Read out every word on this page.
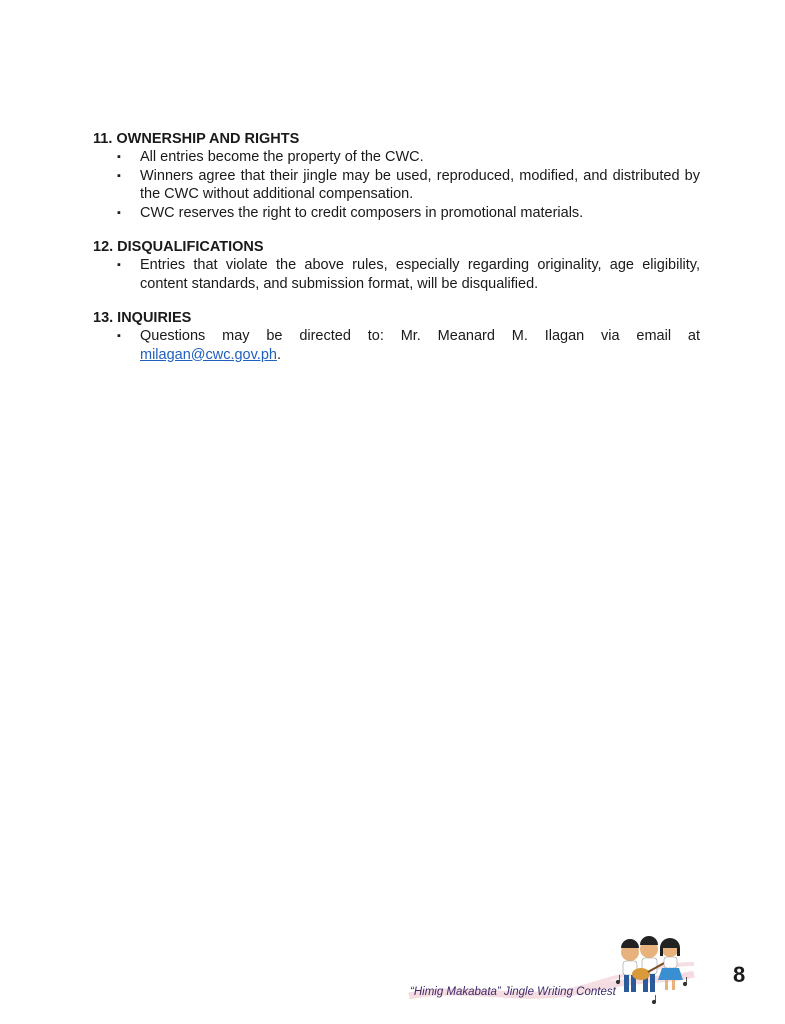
11. OWNERSHIP AND RIGHTS
▪ All entries become the property of the CWC.
▪ Winners agree that their jingle may be used, reproduced, modified, and distributed by the CWC without additional compensation.
▪ CWC reserves the right to credit composers in promotional materials.
12. DISQUALIFICATIONS
▪ Entries that violate the above rules, especially regarding originality, age eligibility, content standards, and submission format, will be disqualified.
13. INQUIRIES
▪ Questions may be directed to: Mr. Meanard M. Ilagan via email at milagan@cwc.gov.ph.
“Himig Makabata” Jingle Writing Contest
8
